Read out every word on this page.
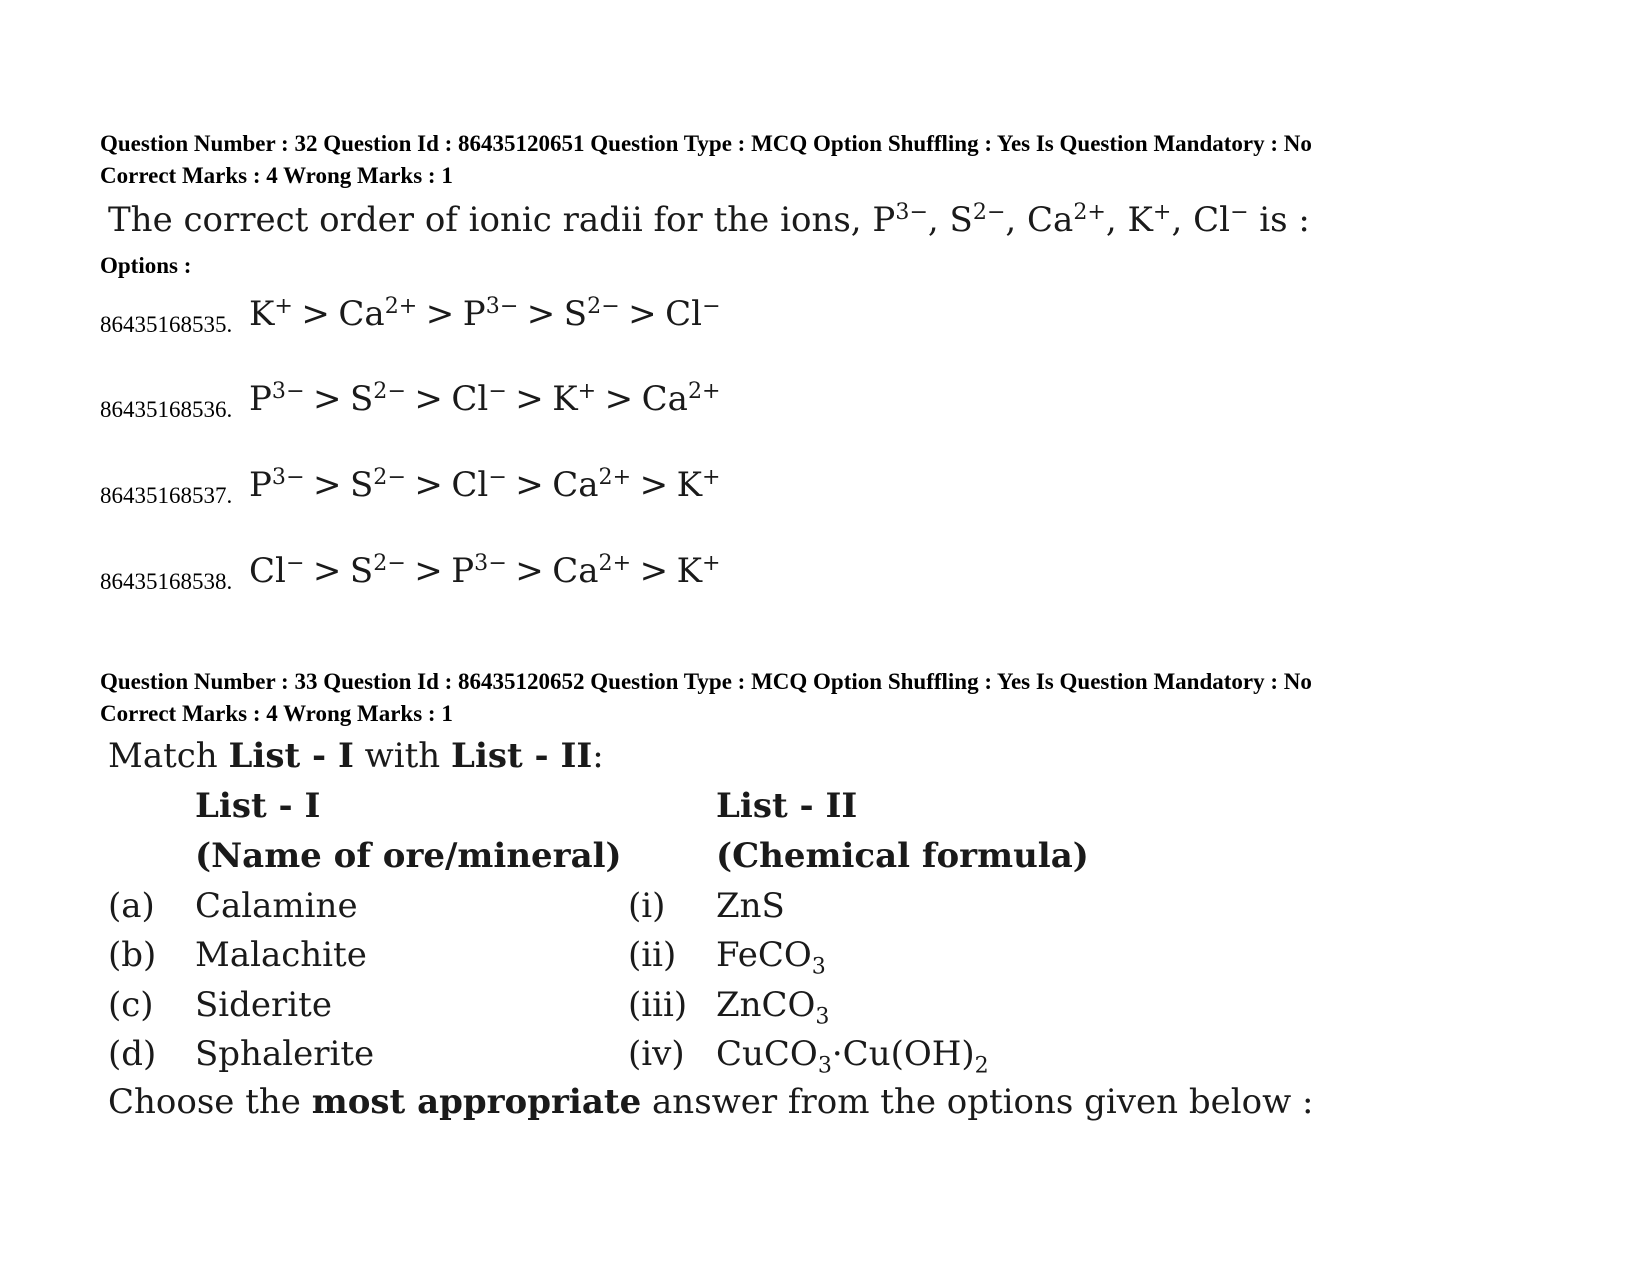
Question Number : 32 Question Id : 86435120651 Question Type : MCQ Option Shuffling : Yes Is Question Mandatory : No
Correct Marks : 4 Wrong Marks : 1
The correct order of ionic radii for the ions, $P^{3-}$, $S^{2-}$, $Ca^{2+}$, K+, Cl− is :
Options :
86435168535. $K^+ > Ca^{2+} > P^{3-} > S^{2-} > Cl^-$
86435168536. $P^{3-} > S^{2-} > Cl^- > K^+ > Ca^{2+}$
86435168537. $P^{3-} > S^{2-} > Cl^- > Ca^{2+} > K^+$
86435168538. $Cl^- > S^{2-} > P^{3-} > Ca^{2+} > K^+$
Question Number : 33 Question Id : 86435120652 Question Type : MCQ Option Shuffling : Yes Is Question Mandatory : No
Correct Marks : 4 Wrong Marks : 1
Match List - I with List - II:
List - I
(Name of ore/mineral)
List - II
(Chemical formula)
(a) Calamine	(i) ZnS
(b) Malachite	(ii) FeCO$_3$
(c) Siderite	(iii) ZnCO$_3$
(d) Sphalerite	(iv) $CuCO_3\cdot Cu(OH)_2$
Choose the most appropriate answer from the options given below :
